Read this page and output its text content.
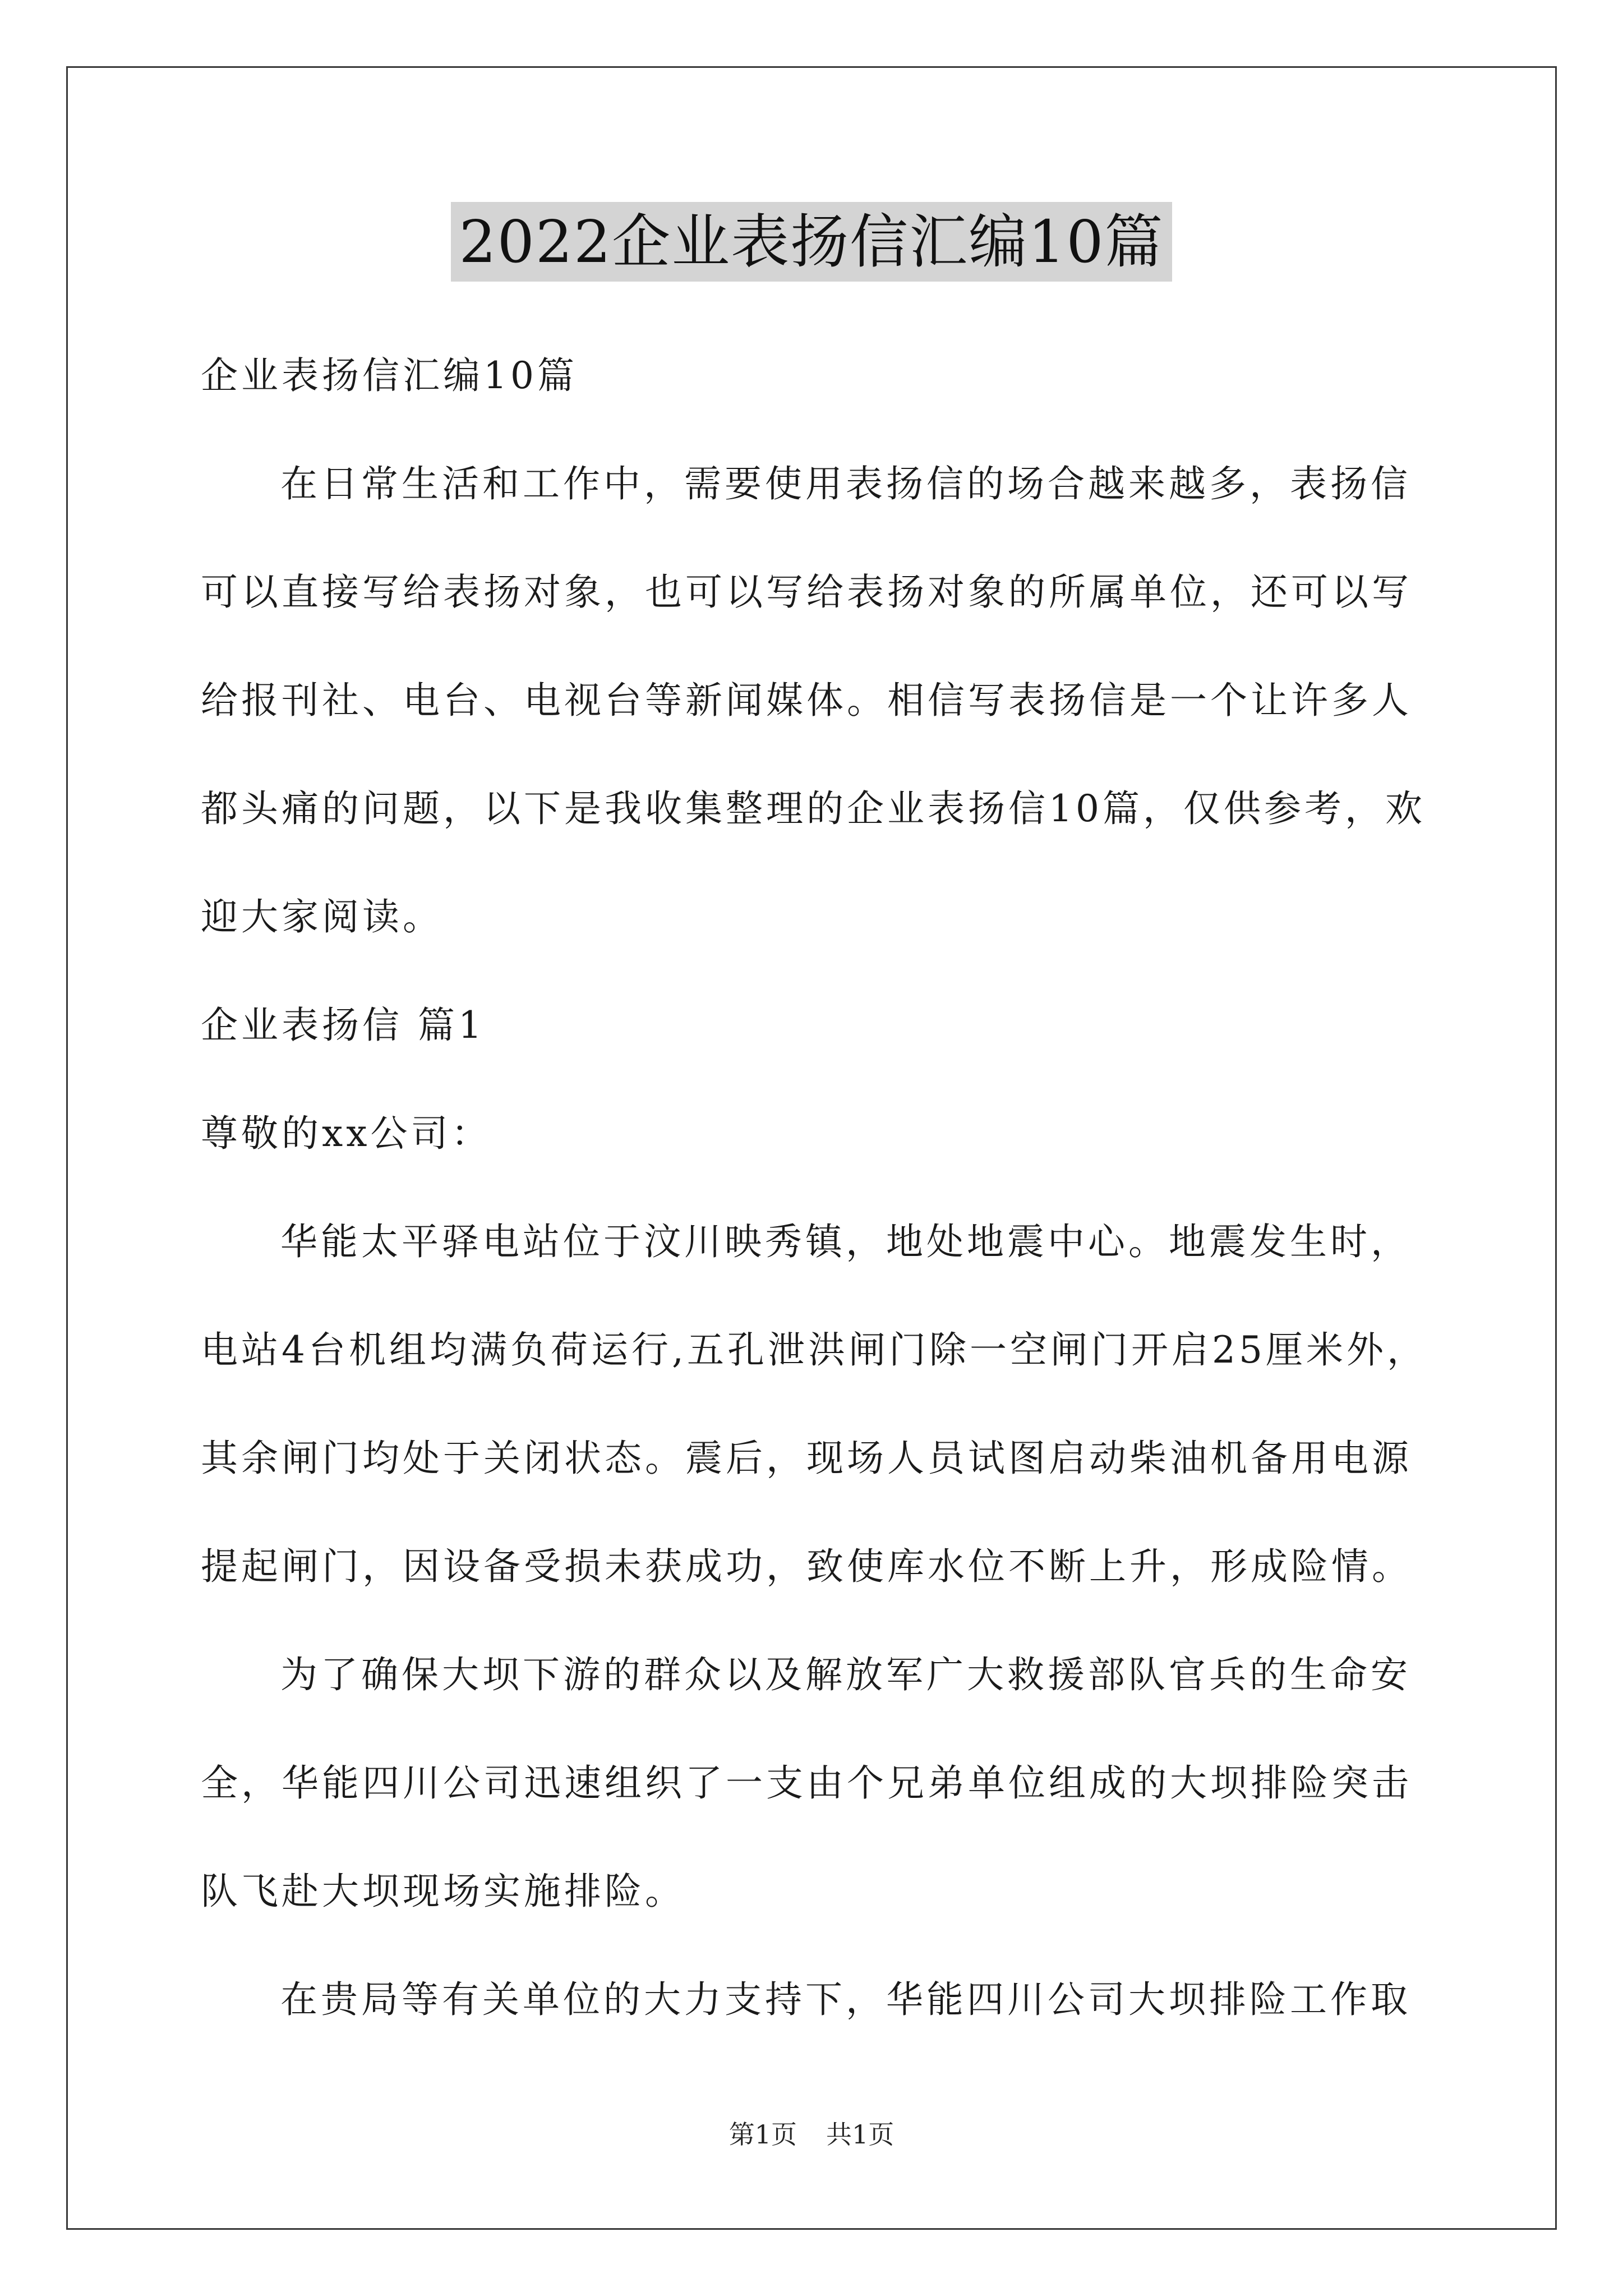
2022企业表扬信汇编10篇

企业表扬信汇编10篇

在日常生活和工作中，需要使用表扬信的场合越来越多，表扬信

可以直接写给表扬对象，也可以写给表扬对象的所属单位，还可以写

给报刊社、电台、电视台等新闻媒体。相信写表扬信是一个让许多人

都头痛的问题，以下是我收集整理的企业表扬信10篇，仅供参考，欢

迎大家阅读。

企业表扬信 篇1

尊敬的xx公司：

华能太平驿电站位于汶川映秀镇，地处地震中心。地震发生时，

电站4台机组均满负荷运行,五孔泄洪闸门除一空闸门开启25厘米外，

其余闸门均处于关闭状态。震后，现场人员试图启动柴油机备用电源

提起闸门，因设备受损未获成功，致使库水位不断上升，形成险情。

为了确保大坝下游的群众以及解放军广大救援部队官兵的生命安

全，华能四川公司迅速组织了一支由个兄弟单位组成的大坝排险突击

队飞赴大坝现场实施排险。

在贵局等有关单位的大力支持下，华能四川公司大坝排险工作取

第1页 共1页
